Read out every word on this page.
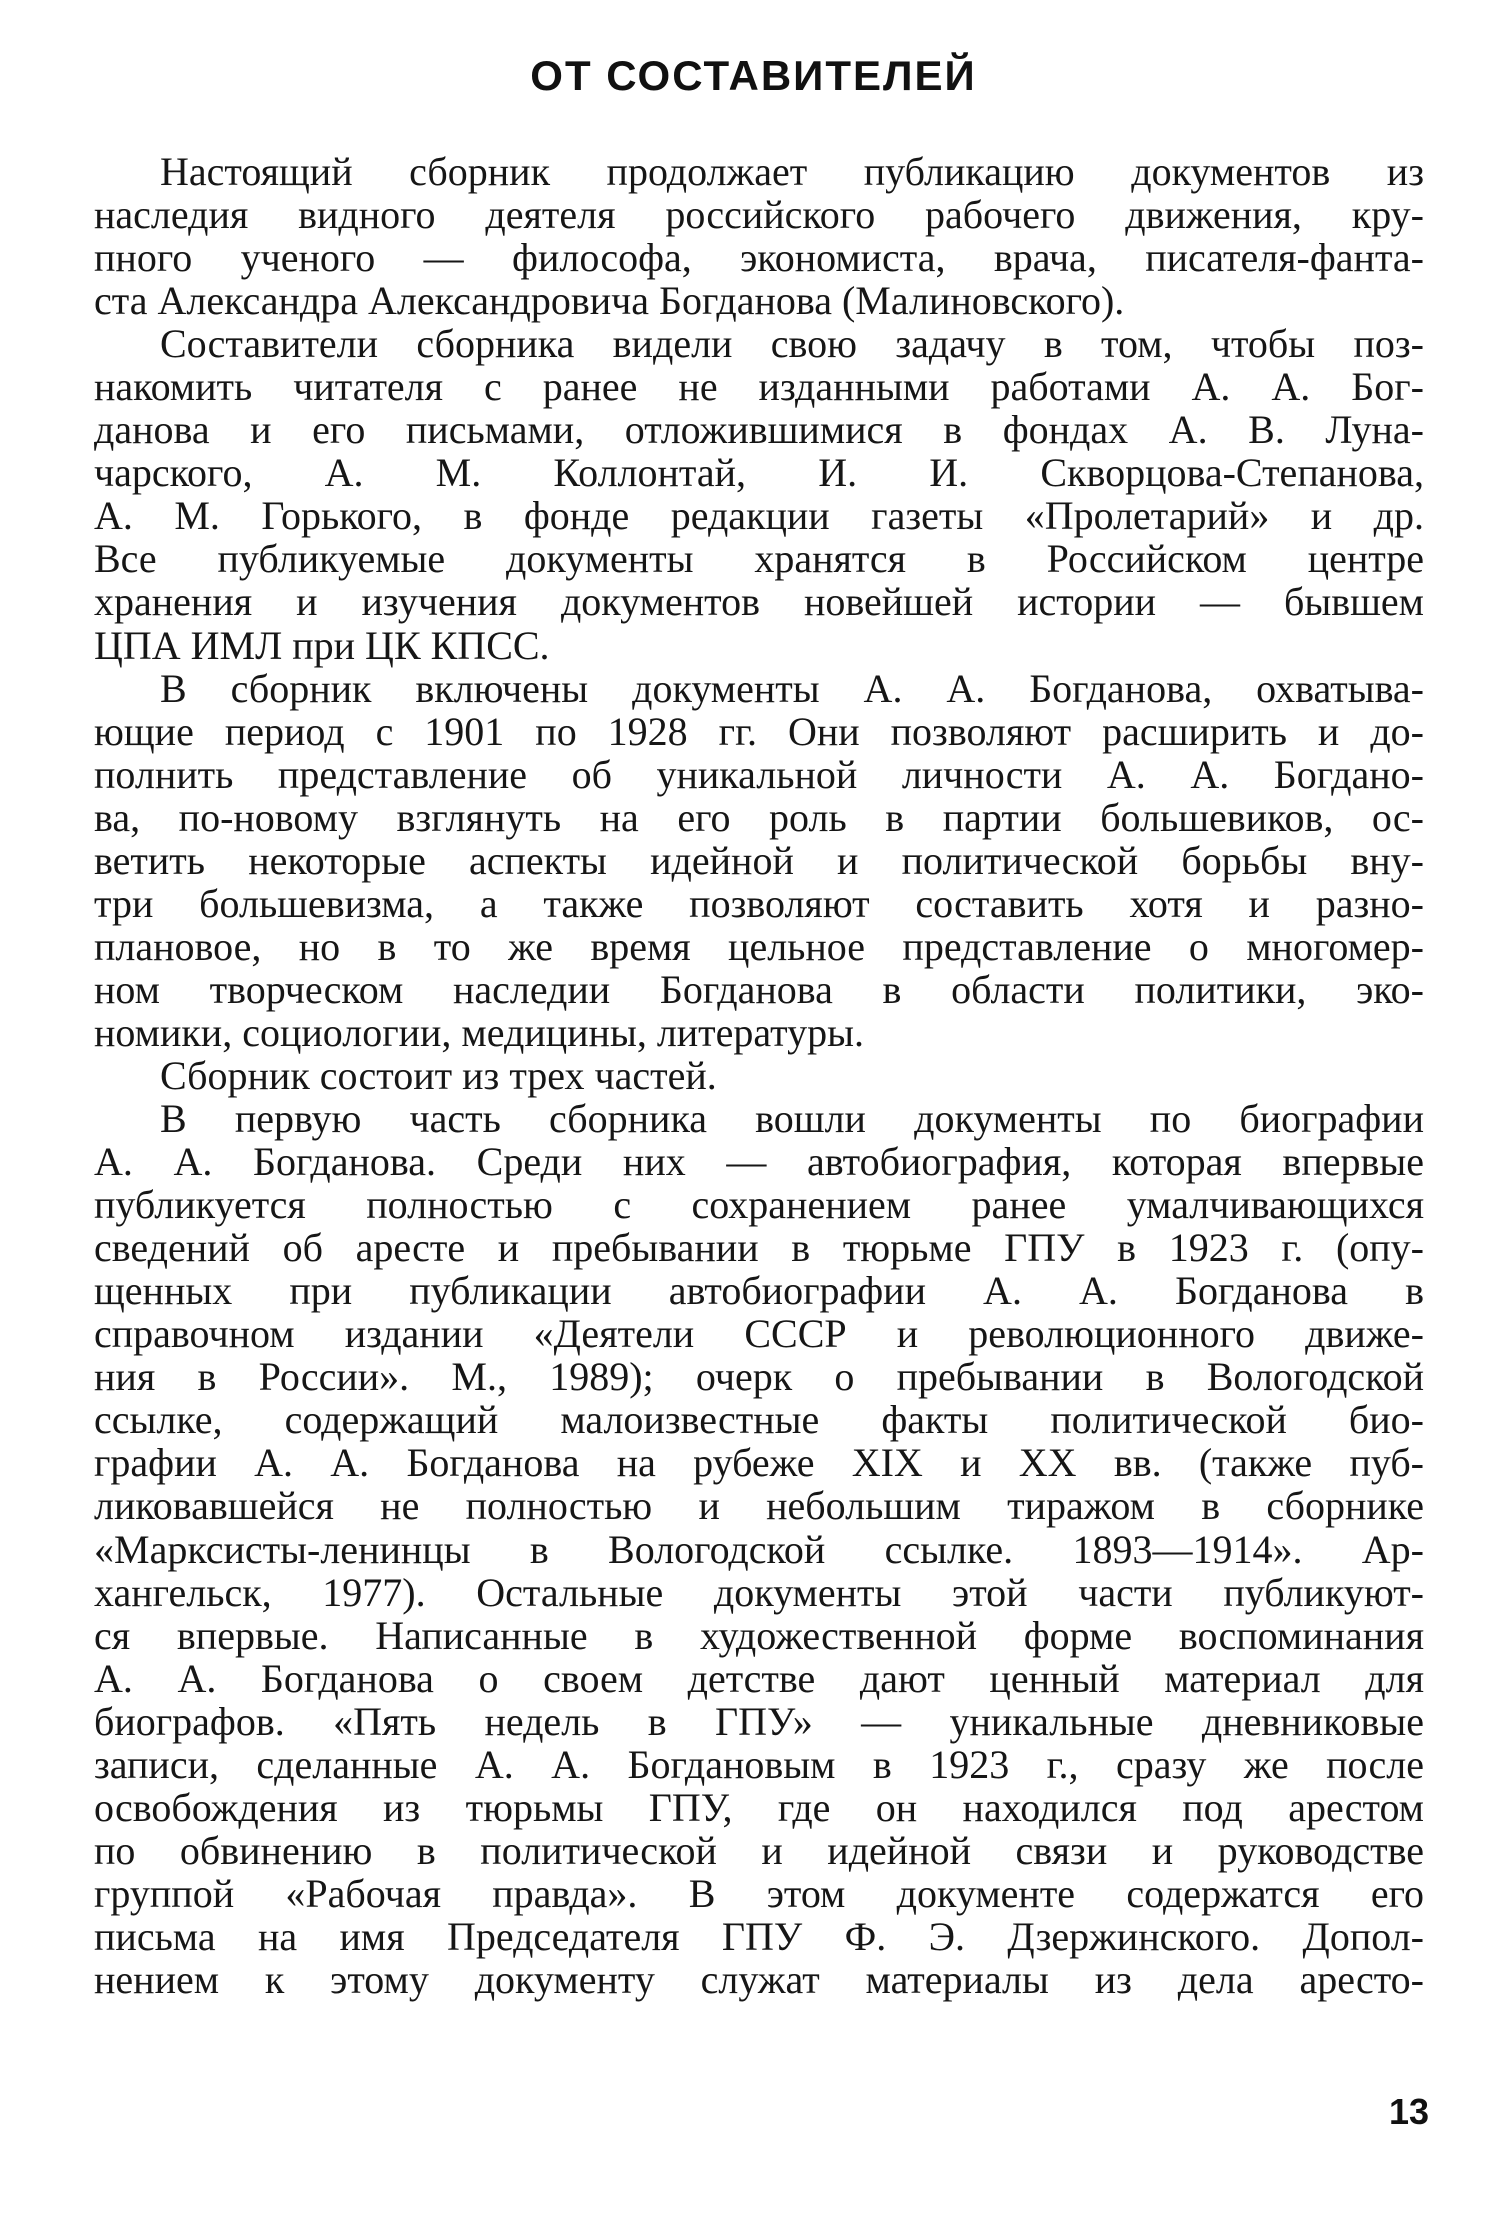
ОТ СОСТАВИТЕЛЕЙ
Настоящий сборник продолжает публикацию документов из
наследия видного деятеля российского рабочего движения, кру-
пного ученого — философа, экономиста, врача, писателя-фанта-
ста Александра Александровича Богданова (Малиновского).
Составители сборника видели свою задачу в том, чтобы поз-
накомить читателя с ранее не изданными работами А. А. Бог-
данова и его письмами, отложившимися в фондах А. В. Луна-
чарского, А. М. Коллонтай, И. И. Скворцова-Степанова,
А. М. Горького, в фонде редакции газеты «Пролетарий» и др.
Все публикуемые документы хранятся в Российском центре
хранения и изучения документов новейшей истории — бывшем
ЦПА ИМЛ при ЦК КПСС.
В сборник включены документы А. А. Богданова, охватыва-
ющие период с 1901 по 1928 гг. Они позволяют расширить и до-
полнить представление об уникальной личности А. А. Богдано-
ва, по-новому взглянуть на его роль в партии большевиков, ос-
ветить некоторые аспекты идейной и политической борьбы вну-
три большевизма, а также позволяют составить хотя и разно-
плановое, но в то же время цельное представление о многомер-
ном творческом наследии Богданова в области политики, эко-
номики, социологии, медицины, литературы.
Сборник состоит из трех частей.
В первую часть сборника вошли документы по биографии
А. А. Богданова. Среди них — автобиография, которая впервые
публикуется полностью с сохранением ранее умалчивающихся
сведений об аресте и пребывании в тюрьме ГПУ в 1923 г. (опу-
щенных при публикации автобиографии А. А. Богданова в
справочном издании «Деятели СССР и революционного движе-
ния в России». М., 1989); очерк о пребывании в Вологодской
ссылке, содержащий малоизвестные факты политической био-
графии А. А. Богданова на рубеже XIX и XX вв. (также пуб-
ликовавшейся не полностью и небольшим тиражом в сборнике
«Марксисты-ленинцы в Вологодской ссылке. 1893—1914». Ар-
хангельск, 1977). Остальные документы этой части публикуют-
ся впервые. Написанные в художественной форме воспоминания
А. А. Богданова о своем детстве дают ценный материал для
биографов. «Пять недель в ГПУ» — уникальные дневниковые
записи, сделанные А. А. Богдановым в 1923 г., сразу же после
освобождения из тюрьмы ГПУ, где он находился под арестом
по обвинению в политической и идейной связи и руководстве
группой «Рабочая правда». В этом документе содержатся его
письма на имя Председателя ГПУ Ф. Э. Дзержинского. Допол-
нением к этому документу служат материалы из дела аресто-
13
